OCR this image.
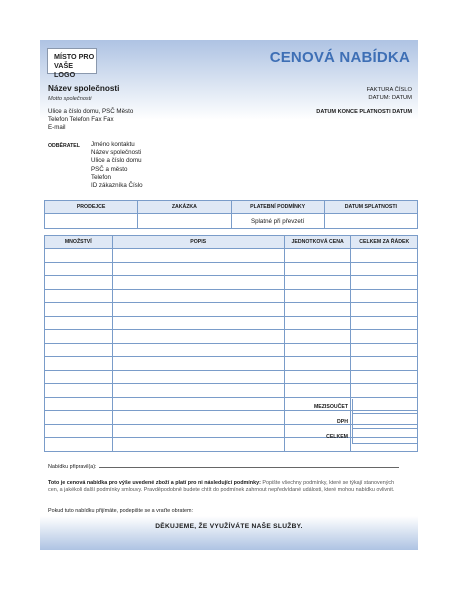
MÍSTO PRO
VAŠE LOGO
CENOVÁ NABÍDKA
Název společnosti
Motto společnosti
Ulice a číslo domu, PSČ Město
Telefon Telefon Fax Fax
E-mail
FAKTURA ČÍSLO
DATUM: DATUM
DATUM KONCE PLATNOSTI DATUM
ODBĚRATEL Jméno kontaktu
Název společnosti
Ulice a číslo domu
PSČ a město
Telefon
ID zákazníka Číslo
PRODEJCE	ZAKÁZKA	PLATEBNÍ PODMÍNKY	DATUM SPLATNOSTI
		Splatné při převzetí	
MNOŽSTVÍ	POPIS	JEDNOTKOVÁ CENA	CELKEM ZA ŘÁDEK

MEZISOUČET
DPH
CELKEM
Nabídku připravil(a):
Toto je cenová nabídka pro výše uvedené zboží a platí pro ni následující podmínky: Popište všechny podmínky, které se týkají stanovených cen, a jakékoli další podmínky smlouvy. Pravděpodobně budete chtít do podmínek zahrnout nepředvídané události, které mohou nabídku ovlivnit.
Pokud tuto nabídku přijímáte, podepište se a vraťte obratem:
DĚKUJEME, ŽE VYUŽÍVÁTE NAŠE SLUŽBY.
